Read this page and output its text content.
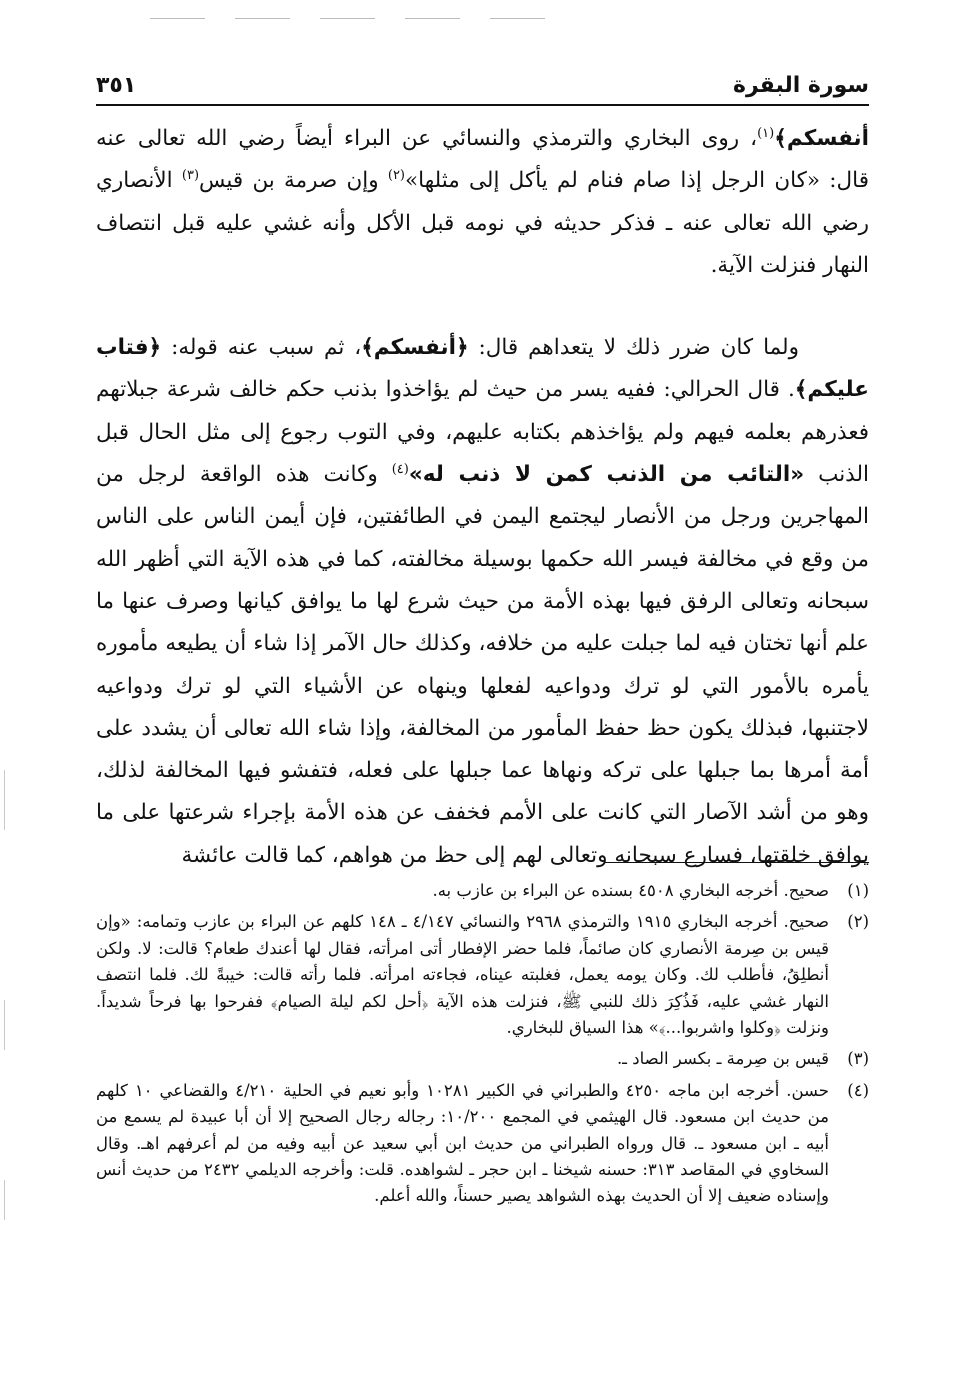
سورة البقرة
٣٥١

أنفسكم﴾$^{(١)}$، روى البخاري والترمذي والنسائي عن البراء أيضاً رضي الله تعالى عنه قال: «كان الرجل إذا صام فنام لم يأكل إلى مثلها»$^{(٢)}$ وإن صرمة بن قيس$^{(٣)}$ الأنصاري رضي الله تعالى عنه ـ فذكر حديثه في نومه قبل الأكل وأنه غشي عليه قبل انتصاف النهار فنزلت الآية.

ولما كان ضرر ذلك لا يتعداهم قال: ﴿أنفسكم﴾، ثم سبب عنه قوله: ﴿فتاب عليكم﴾. قال الحرالي: ففيه يسر من حيث لم يؤاخذوا بذنب حكم خالف شرعة جبلاتهم فعذرهم بعلمه فيهم ولم يؤاخذهم بكتابه عليهم، وفي التوب رجوع إلى مثل الحال قبل الذنب «التائب من الذنب كمن لا ذنب له»$^{(٤)}$ وكانت هذه الواقعة لرجل من المهاجرين ورجل من الأنصار ليجتمع اليمن في الطائفتين، فإن أيمن الناس على الناس من وقع في مخالفة فيسر الله حكمها بوسيلة مخالفته، كما في هذه الآية التي أظهر الله سبحانه وتعالى الرفق فيها بهذه الأمة من حيث شرع لها ما يوافق كيانها وصرف عنها ما علم أنها تختان فيه لما جبلت عليه من خلافه، وكذلك حال الآمر إذا شاء أن يطيعه مأموره يأمره بالأمور التي لو ترك ودواعيه لفعلها وينهاه عن الأشياء التي لو ترك ودواعيه لاجتنبها، فبذلك يكون حظ حفظ المأمور من المخالفة، وإذا شاء الله تعالى أن يشدد على أمة أمرها بما جبلها على تركه ونهاها عما جبلها على فعله، فتفشو فيها المخالفة لذلك، وهو من أشد الآصار التي كانت على الأمم فخفف عن هذه الأمة بإجراء شرعتها على ما يوافق خلقتها، فسارع سبحانه وتعالى لهم إلى حظ من هواهم، كما قالت عائشة

(١)
صحيح. أخرجه البخاري ٤٥٠٨ بسنده عن البراء بن عازب به.
(٢)
صحيح. أخرجه البخاري ١٩١٥ والترمذي ٢٩٦٨ والنسائي ٤/١٤٧ ـ ١٤٨ كلهم عن البراء بن عازب وتمامه: «وإن قيس بن صِرمة الأنصاري كان صائماً، فلما حضر الإفطار أتى امرأته، فقال لها أعندك طعام؟ قالت: لا. ولكن أنطلِقُ، فأطلب لك. وكان يومه يعمل، فغلبته عيناه، فجاءته امرأته. فلما رأته قالت: خيبةً لك. فلما انتصف النهار غشي عليه، فَذُكِرَ ذلك للنبي ﷺ، فنزلت هذه الآية ﴿أحل لكم ليلة الصيام﴾ ففرحوا بها فرحاً شديداً. ونزلت ﴿وكلوا واشربوا...﴾» هذا السياق للبخاري.
(٣)
قيس بن صِرمة ـ بكسر الصاد ـ.
(٤)
حسن. أخرجه ابن ماجه ٤٢٥٠ والطبراني في الكبير ١٠٢٨١ وأبو نعيم في الحلية ٤/٢١٠ والقضاعي ١٠ كلهم من حديث ابن مسعود. قال الهيثمي في المجمع ١٠/٢٠٠: رجاله رجال الصحيح إلا أن أبا عبيدة لم يسمع من أبيه ـ ابن مسعود ـ. قال ورواه الطبراني من حديث ابن أبي سعيد عن أبيه وفيه من لم أعرفهم اهـ. وقال السخاوي في المقاصد ٣١٣: حسنه شيخنا ـ ابن حجر ـ لشواهده. قلت: وأخرجه الديلمي ٢٤٣٢ من حديث أنس وإسناده ضعيف إلا أن الحديث بهذه الشواهد يصير حسناً، والله أعلم.
